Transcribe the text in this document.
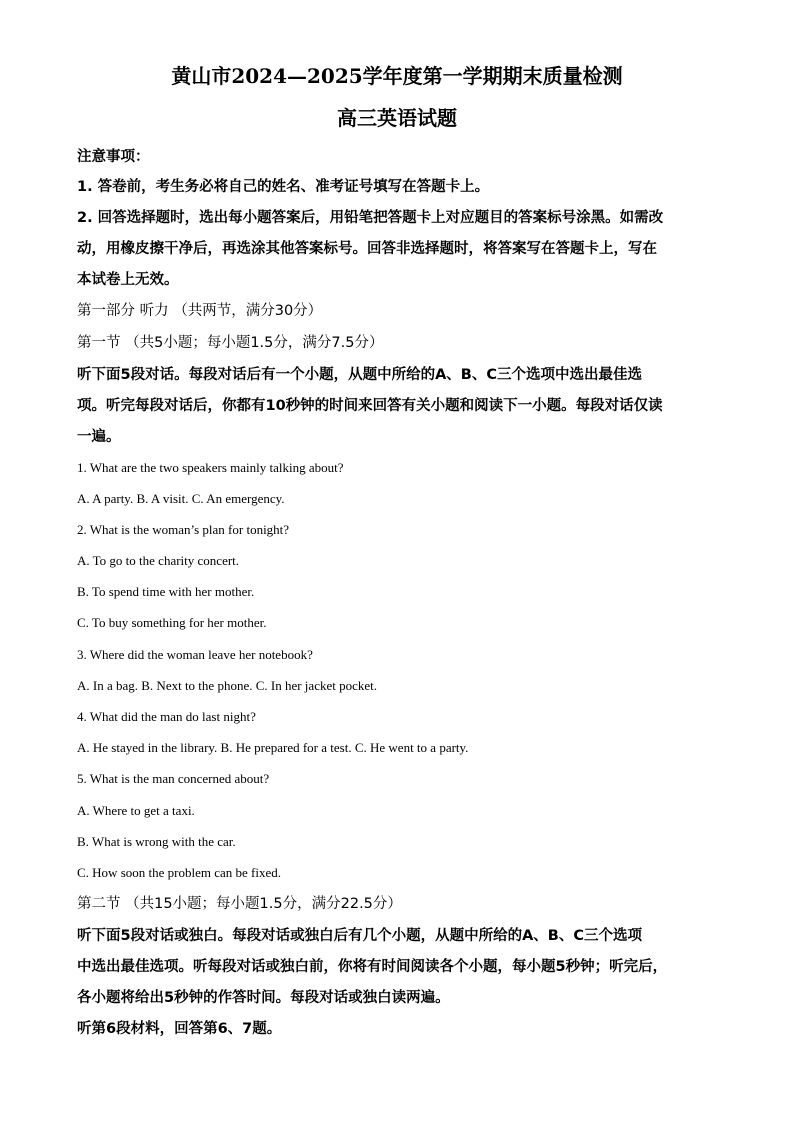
黄山市2024—2025学年度第一学期期末质量检测
高三英语试题
注意事项：
1. 答卷前，考生务必将自己的姓名、准考证号填写在答题卡上。
2. 回答选择题时，选出每小题答案后，用铅笔把答题卡上对应题目的答案标号涂黑。如需改
动，用橡皮擦干净后，再选涂其他答案标号。回答非选择题时，将答案写在答题卡上，写在
本试卷上无效。
第一部分 听力 （共两节，满分30分）
第一节 （共5小题；每小题1.5分，满分7.5分）
听下面5段对话。每段对话后有一个小题，从题中所给的A、B、C三个选项中选出最佳选
项。听完每段对话后，你都有10秒钟的时间来回答有关小题和阅读下一小题。每段对话仅读
一遍。
1. What are the two speakers mainly talking about?
A. A party. B. A visit. C. An emergency.
2. What is the woman’s plan for tonight?
A. To go to the charity concert.
B. To spend time with her mother.
C. To buy something for her mother.
3. Where did the woman leave her notebook?
A. In a bag. B. Next to the phone. C. In her jacket pocket.
4. What did the man do last night?
A. He stayed in the library. B. He prepared for a test. C. He went to a party.
5. What is the man concerned about?
A. Where to get a taxi.
B. What is wrong with the car.
C. How soon the problem can be fixed.
第二节 （共15小题；每小题1.5分，满分22.5分）
听下面5段对话或独白。每段对话或独白后有几个小题，从题中所给的A、B、C三个选项
中选出最佳选项。听每段对话或独白前，你将有时间阅读各个小题，每小题5秒钟；听完后，
各小题将给出5秒钟的作答时间。每段对话或独白读两遍。
听第6段材料，回答第6、7题。
